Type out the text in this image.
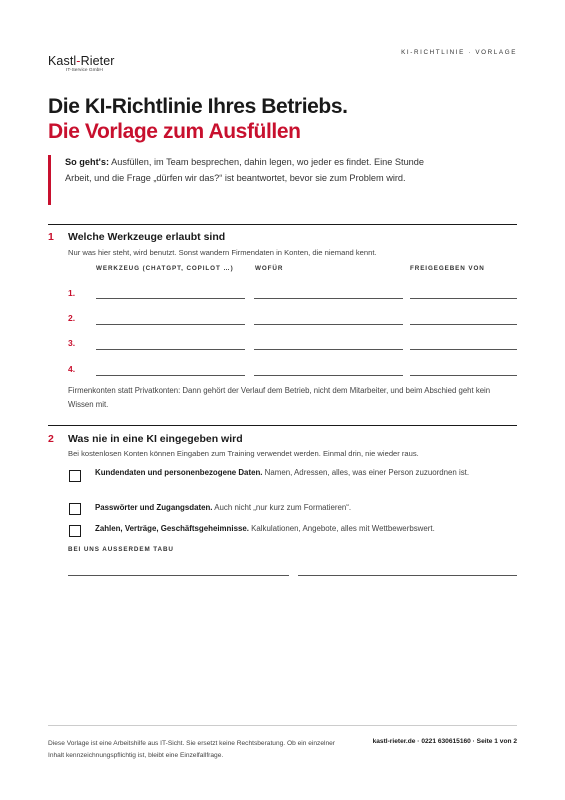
Kastl‐Rieter
IT-Service GmbH
KI-RICHTLINIE · VORLAGE
Die KI-Richtlinie Ihres Betriebs.
Die Vorlage zum Ausfüllen
So geht's: Ausfüllen, im Team besprechen, dahin legen, wo jeder es findet. Eine Stunde Arbeit, und die Frage „dürfen wir das?“ ist beantwortet, bevor sie zum Problem wird.
1 Welche Werkzeuge erlaubt sind
Nur was hier steht, wird benutzt. Sonst wandern Firmendaten in Konten, die niemand kennt.
WERKZEUG (CHATGPT, COPILOT …)	WOFÜR	FREIGEGEBEN VON
1.
2.
3.
4.
Firmenkonten statt Privatkonten: Dann gehört der Verlauf dem Betrieb, nicht dem Mitarbeiter, und beim Abschied geht kein Wissen mit.
2 Was nie in eine KI eingegeben wird
Bei kostenlosen Konten können Eingaben zum Training verwendet werden. Einmal drin, nie wieder raus.
Kundendaten und personenbezogene Daten. Namen, Adressen, alles, was einer Person zuzuordnen ist.
Passwörter und Zugangsdaten. Auch nicht „nur kurz zum Formatieren“.
Zahlen, Verträge, Geschäftsgeheimnisse. Kalkulationen, Angebote, alles mit Wettbewerbswert.
BEI UNS AUSSERDEM TABU
Diese Vorlage ist eine Arbeitshilfe aus IT-Sicht. Sie ersetzt keine Rechtsberatung. Ob ein einzelner Inhalt kennzeichnungspflichtig ist, bleibt eine Einzelfallfrage.
kastl-rieter.de · 0221 630615160 · Seite 1 von 2
